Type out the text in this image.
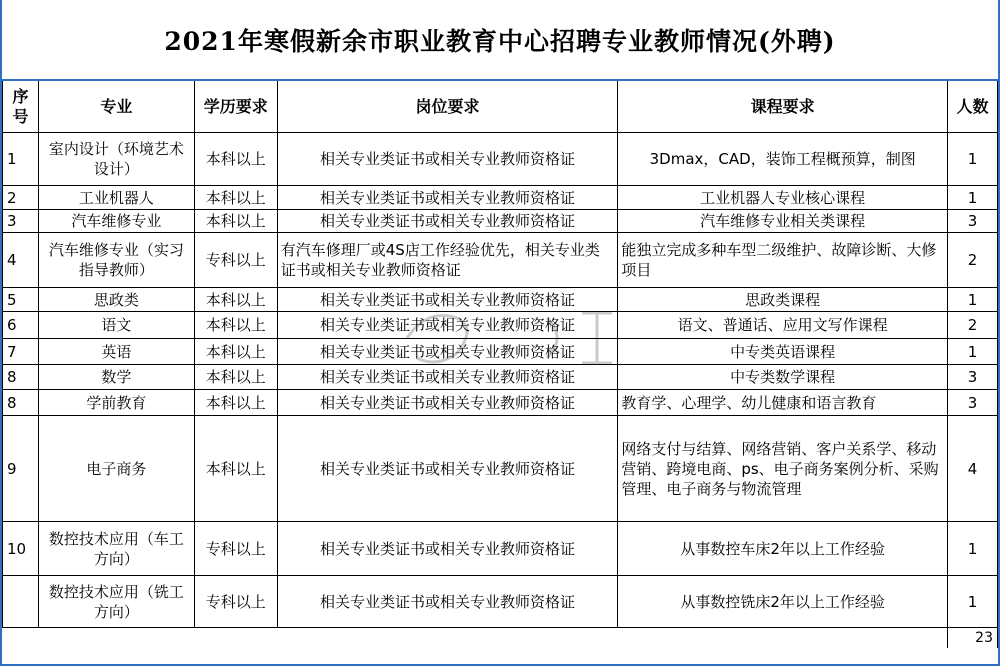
2021年寒假新余市职业教育中心招聘专业教师情况(外聘)
序号	专业	学历要求	岗位要求	课程要求	人数
1	室内设计（环境艺术设计）	本科以上	相关专业类证书或相关专业教师资格证	3Dmax，CAD，装饰工程概预算，制图	1
2	工业机器人	本科以上	相关专业类证书或相关专业教师资格证	工业机器人专业核心课程	1
3	汽车维修专业	本科以上	相关专业类证书或相关专业教师资格证	汽车维修专业相关类课程	3
4	汽车维修专业（实习指导教师）	专科以上	有汽车修理厂或4S店工作经验优先，相关专业类证书或相关专业教师资格证	能独立完成多种车型二级维护、故障诊断、大修项目	2
5	思政类	本科以上	相关专业类证书或相关专业教师资格证	思政类课程	1
6	语文	本科以上	相关专业类证书或相关专业教师资格证	语文、普通话、应用文写作课程	2
7	英语	本科以上	相关专业类证书或相关专业教师资格证	中专类英语课程	1
8	数学	本科以上	相关专业类证书或相关专业教师资格证	中专类数学课程	3
8	学前教育	本科以上	相关专业类证书或相关专业教师资格证	教育学、心理学、幼儿健康和语言教育	3
9	电子商务	本科以上	相关专业类证书或相关专业教师资格证	网络支付与结算、网络营销、客户关系学、移动营销、跨境电商、ps、电子商务案例分析、采购管理、电子商务与物流管理	4
10	数控技术应用（车工方向）	专科以上	相关专业类证书或相关专业教师资格证	从事数控车床2年以上工作经验	1
	数控技术应用（铣工方向）	专科以上	相关专业类证书或相关专业教师资格证	从事数控铣床2年以上工作经验	1
					23
